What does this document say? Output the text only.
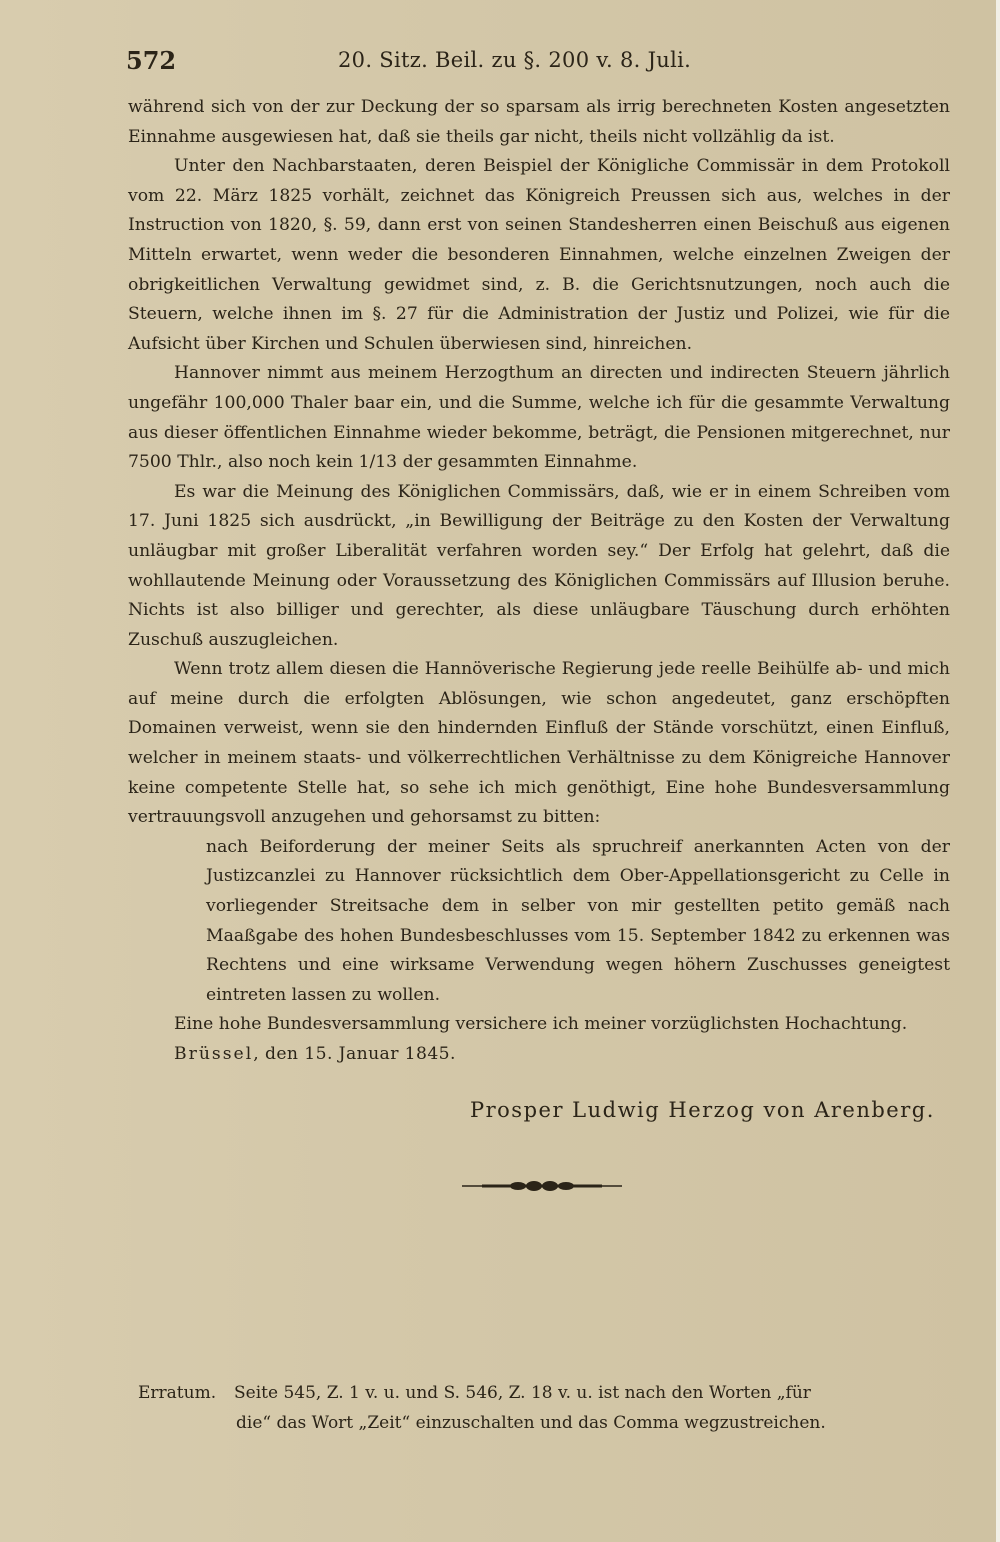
572	20. Sitz. Beil. zu §. 200 v. 8. Juli.

während sich von der zur Deckung der so sparsam als irrig berechneten Kosten angesetzten Einnahme ausgewiesen hat, daß sie theils gar nicht, theils nicht vollzählig da ist.

Unter den Nachbarstaaten, deren Beispiel der Königliche Commissär in dem Protokoll vom 22. März 1825 vorhält, zeichnet das Königreich Preussen sich aus, welches in der Instruction von 1820, §. 59, dann erst von seinen Standesherren einen Beischuß aus eigenen Mitteln erwartet, wenn weder die besonderen Einnahmen, welche einzelnen Zweigen der obrigkeitlichen Verwaltung gewidmet sind, z. B. die Gerichtsnutzungen, noch auch die Steuern, welche ihnen im §. 27 für die Administration der Justiz und Polizei, wie für die Aufsicht über Kirchen und Schulen überwiesen sind, hinreichen.

Hannover nimmt aus meinem Herzogthum an directen und indirecten Steuern jährlich ungefähr 100,000 Thaler baar ein, und die Summe, welche ich für die gesammte Verwaltung aus dieser öffentlichen Einnahme wieder bekomme, beträgt, die Pensionen mitgerechnet, nur 7500 Thlr., also noch kein 1/13 der gesammten Einnahme.

Es war die Meinung des Königlichen Commissärs, daß, wie er in einem Schreiben vom 17. Juni 1825 sich ausdrückt, „in Bewilligung der Beiträge zu den Kosten der Verwaltung unläugbar mit großer Liberalität verfahren worden sey.“ Der Erfolg hat gelehrt, daß die wohllautende Meinung oder Voraussetzung des Königlichen Commissärs auf Illusion beruhe. Nichts ist also billiger und gerechter, als diese unläugbare Täuschung durch erhöhten Zuschuß auszugleichen.

Wenn trotz allem diesen die Hannöverische Regierung jede reelle Beihülfe ab- und mich auf meine durch die erfolgten Ablösungen, wie schon angedeutet, ganz erschöpften Domainen verweist, wenn sie den hindernden Einfluß der Stände vorschützt, einen Einfluß, welcher in meinem staats- und völkerrechtlichen Verhältnisse zu dem Königreiche Hannover keine competente Stelle hat, so sehe ich mich genöthigt, Eine hohe Bundesversammlung vertrauungsvoll anzugehen und gehorsamst zu bitten:

nach Beiforderung der meiner Seits als spruchreif anerkannten Acten von der Justizcanzlei zu Hannover rücksichtlich dem Ober-Appellationsgericht zu Celle in vorliegender Streitsache dem in selber von mir gestellten petito gemäß nach Maaßgabe des hohen Bundesbeschlusses vom 15. September 1842 zu erkennen was Rechtens und eine wirksame Verwendung wegen höhern Zuschusses geneigtest eintreten lassen zu wollen.

Eine hohe Bundesversammlung versichere ich meiner vorzüglichsten Hochachtung.

Brüssel, den 15. Januar 1845.

Prosper Ludwig Herzog von Arenberg.
Erratum. Seite 545, Z. 1 v. u. und S. 546, Z. 18 v. u. ist nach den Worten „für
die“ das Wort „Zeit“ einzuschalten und das Comma wegzustreichen.
